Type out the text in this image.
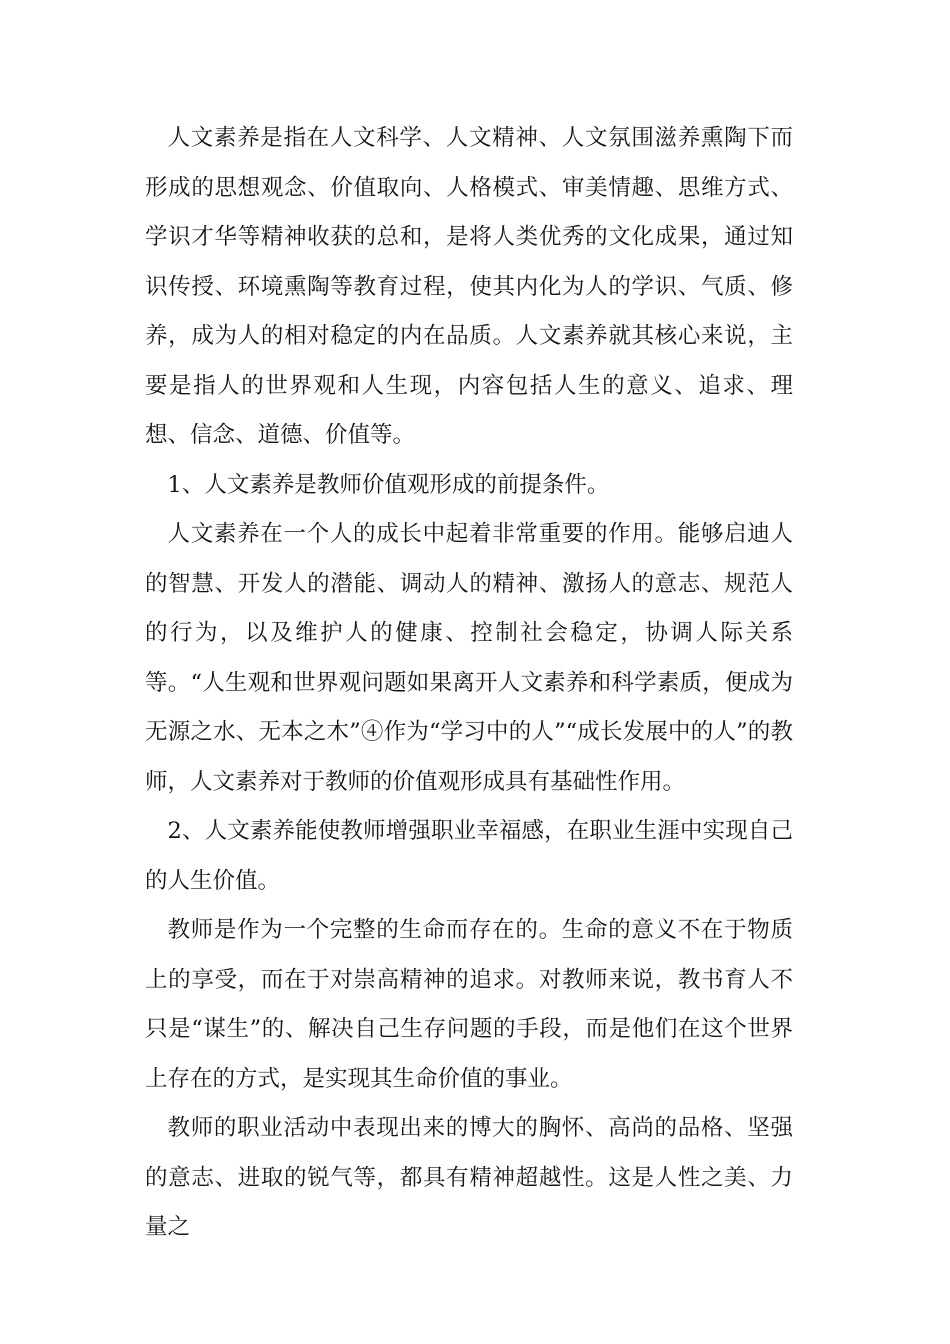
人文素养是指在人文科学、人文精神、人文氛围滋养熏陶下而形成的思想观念、价值取向、人格模式、审美情趣、思维方式、学识才华等精神收获的总和，是将人类优秀的文化成果，通过知识传授、环境熏陶等教育过程，使其内化为人的学识、气质、修养，成为人的相对稳定的内在品质。人文素养就其核心来说，主要是指人的世界观和人生现，内容包括人生的意义、追求、理想、信念、道德、价值等。

1、人文素养是教师价值观形成的前提条件。

人文素养在一个人的成长中起着非常重要的作用。能够启迪人的智慧、开发人的潜能、调动人的精神、激扬人的意志、规范人的行为，以及维护人的健康、控制社会稳定，协调人际关系等。“人生观和世界观问题如果离开人文素养和科学素质，便成为无源之水、无本之木”④作为“学习中的人”“成长发展中的人”的教师，人文素养对于教师的价值观形成具有基础性作用。

2、人文素养能使教师增强职业幸福感，在职业生涯中实现自己的人生价值。

教师是作为一个完整的生命而存在的。生命的意义不在于物质上的享受，而在于对崇高精神的追求。对教师来说，教书育人不只是“谋生”的、解决自己生存问题的手段，而是他们在这个世界上存在的方式，是实现其生命价值的事业。

教师的职业活动中表现出来的博大的胸怀、高尚的品格、坚强的意志、进取的锐气等，都具有精神超越性。这是人性之美、力量之
